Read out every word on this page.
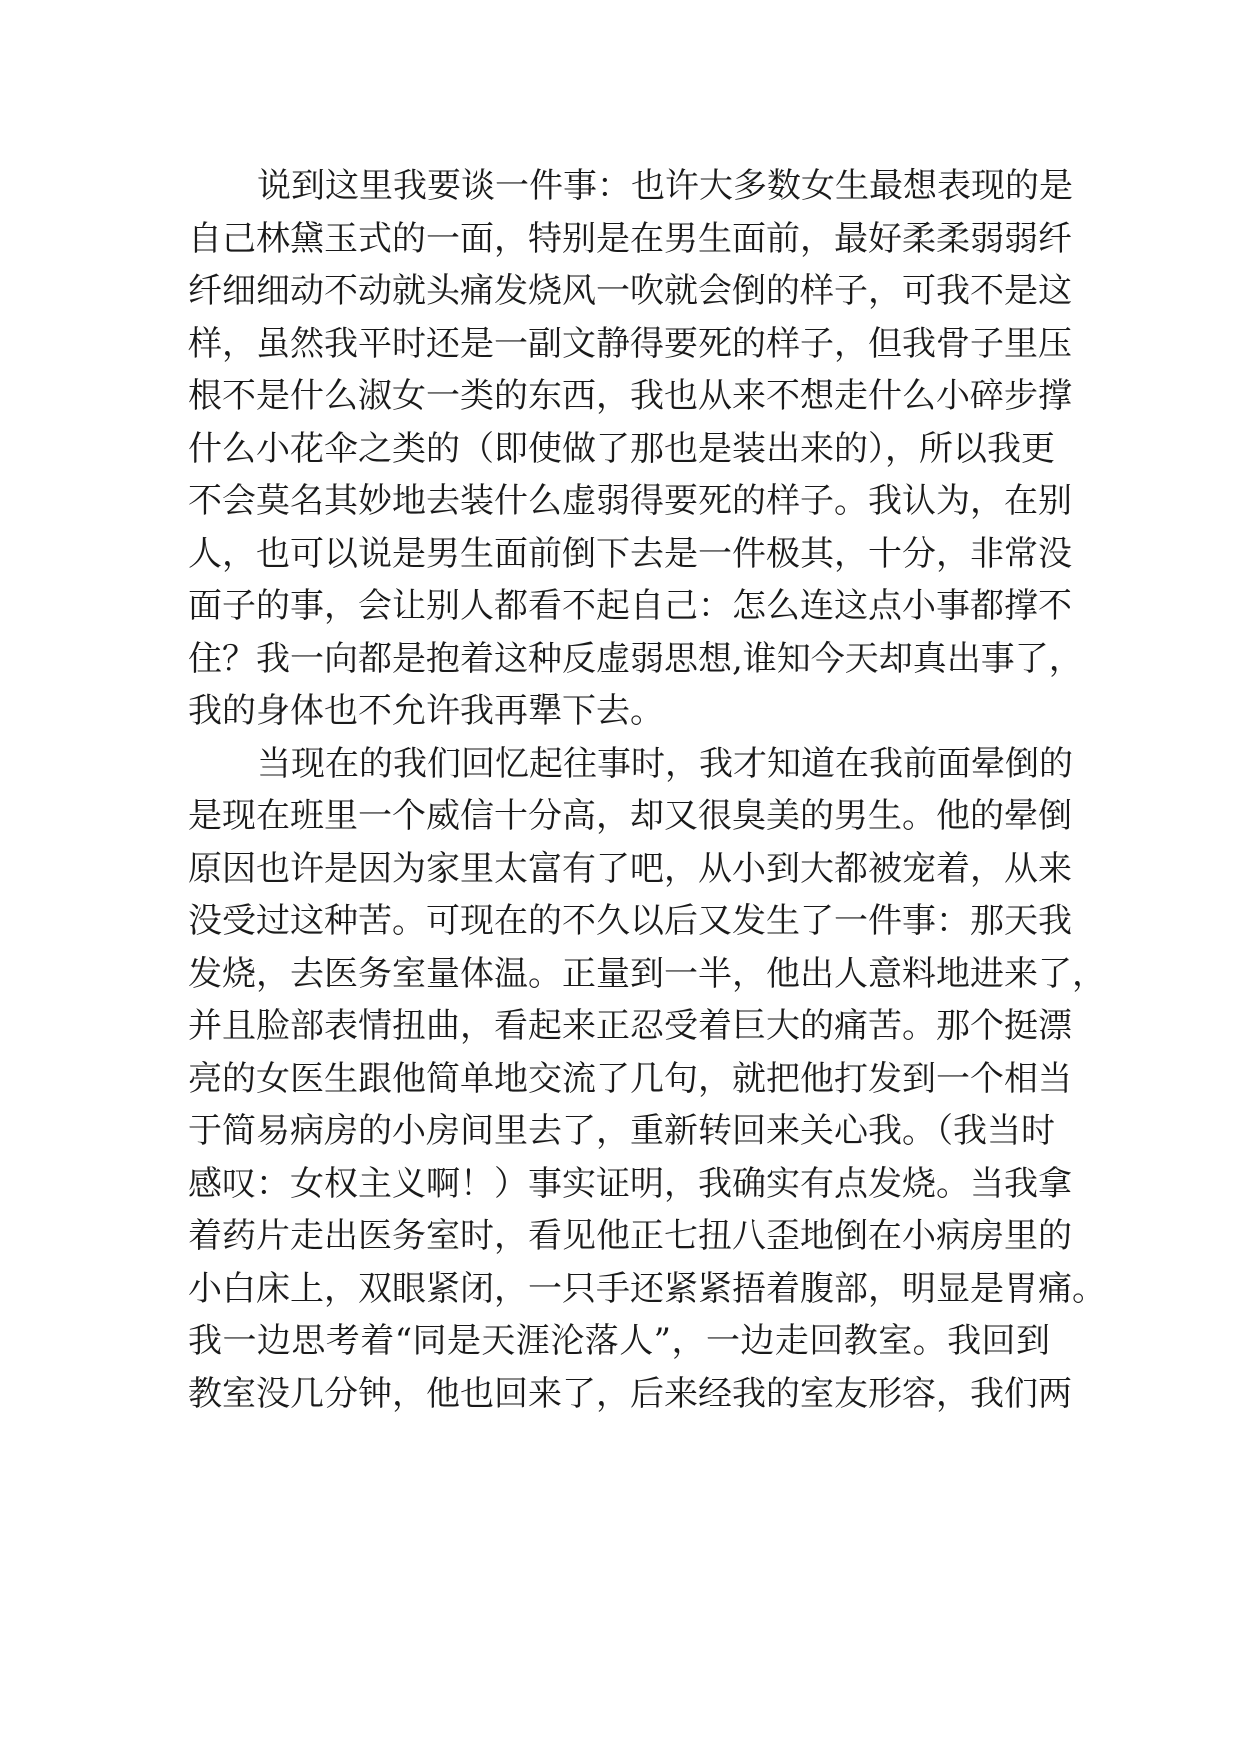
说到这里我要谈一件事：也许大多数女生最想表现的是
自己林黛玉式的一面，特别是在男生面前，最好柔柔弱弱纤
纤细细动不动就头痛发烧风一吹就会倒的样子，可我不是这
样，虽然我平时还是一副文静得要死的样子，但我骨子里压
根不是什么淑女一类的东西，我也从来不想走什么小碎步撑
什么小花伞之类的（即使做了那也是装出来的），所以我更
不会莫名其妙地去装什么虚弱得要死的样子。我认为，在别
人，也可以说是男生面前倒下去是一件极其，十分，非常没
面子的事，会让别人都看不起自己：怎么连这点小事都撑不
住？我一向都是抱着这种反虚弱思想,谁知今天却真出事了，
我的身体也不允许我再犟下去。
当现在的我们回忆起往事时，我才知道在我前面晕倒的
是现在班里一个威信十分高，却又很臭美的男生。他的晕倒
原因也许是因为家里太富有了吧，从小到大都被宠着，从来
没受过这种苦。可现在的不久以后又发生了一件事：那天我
发烧，去医务室量体温。正量到一半，他出人意料地进来了，
并且脸部表情扭曲，看起来正忍受着巨大的痛苦。那个挺漂
亮的女医生跟他简单地交流了几句，就把他打发到一个相当
于简易病房的小房间里去了，重新转回来关心我。（我当时
感叹：女权主义啊！）事实证明，我确实有点发烧。当我拿
着药片走出医务室时，看见他正七扭八歪地倒在小病房里的
小白床上，双眼紧闭，一只手还紧紧捂着腹部，明显是胃痛。
我一边思考着“同是天涯沦落人”，一边走回教室。我回到
教室没几分钟，他也回来了，后来经我的室友形容，我们两
